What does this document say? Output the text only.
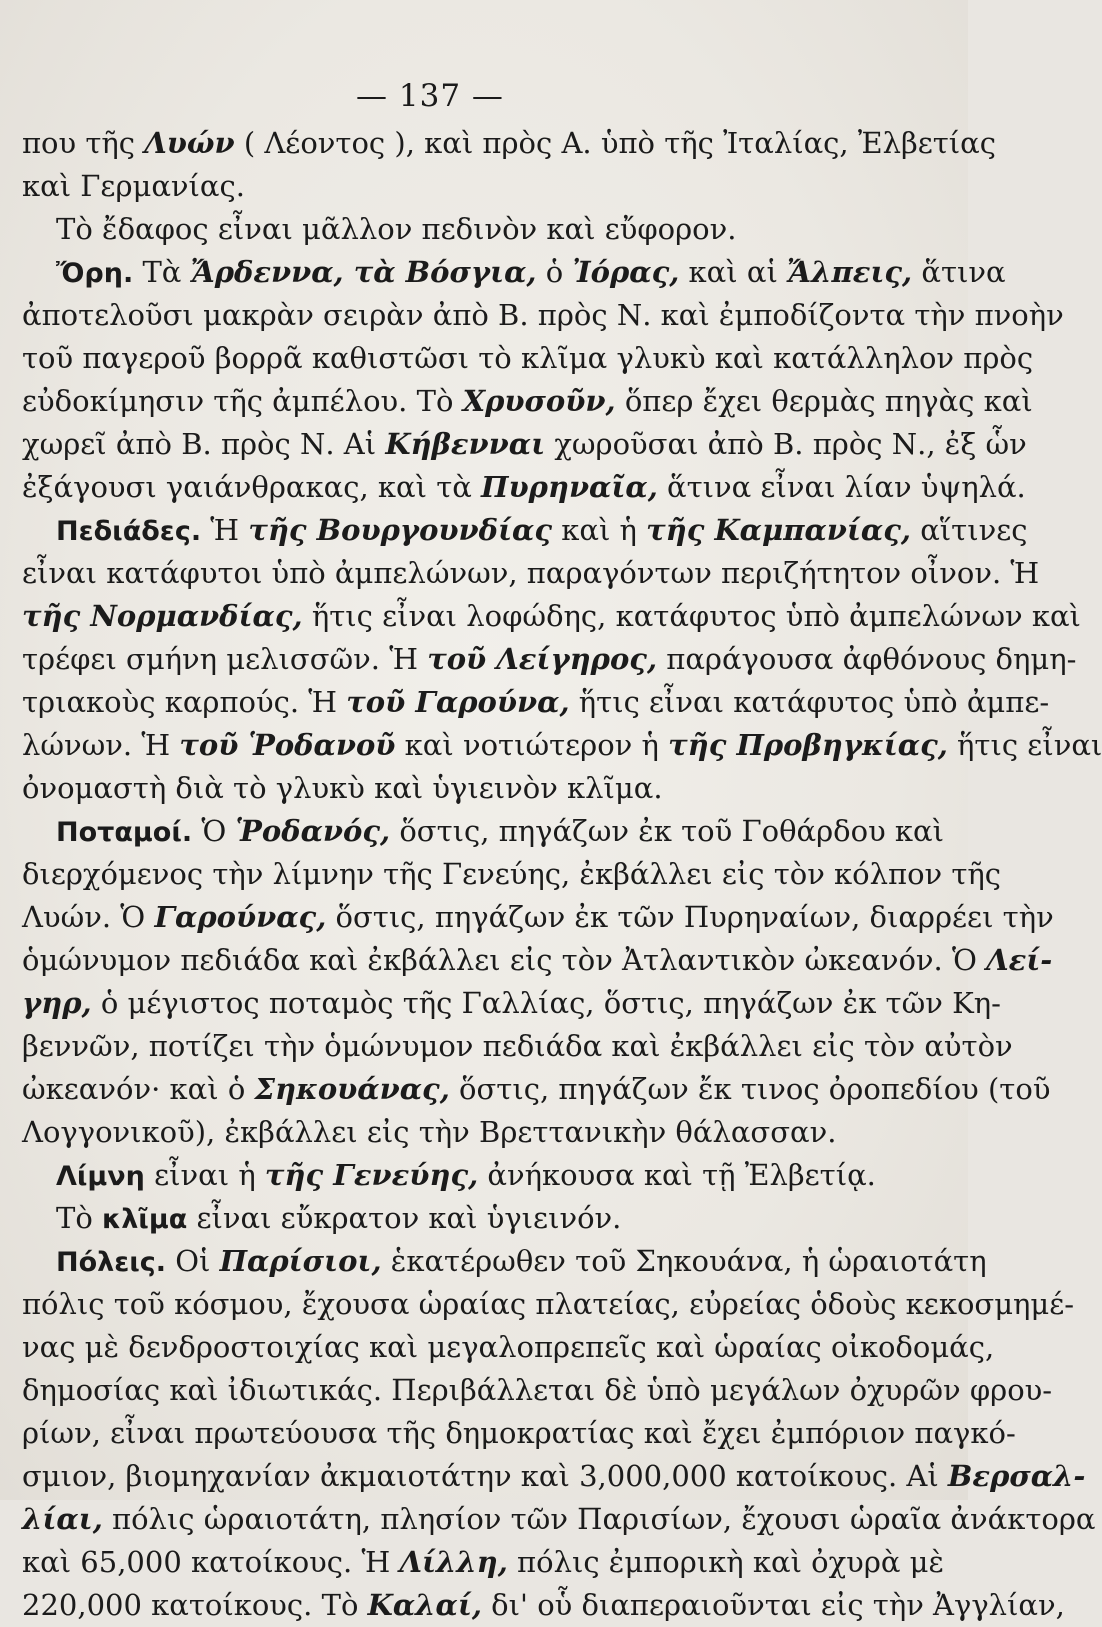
— 137 —
που τῆς Λυών ( Λέοντος ), καὶ πρὸς Α. ὑπὸ τῆς Ἰταλίας, Ἐλβετίας
καὶ Γερμανίας.
Τὸ ἔδαφος εἶναι μᾶλλον πεδινὸν καὶ εὔφορον.
Ὄρη. Τὰ Ἄρδεννα, τὰ Βόσγια, ὁ Ἰόρας, καὶ αἱ Ἄλπεις, ἅτινα
ἀποτελοῦσι μακρὰν σειρὰν ἀπὸ Β. πρὸς Ν. καὶ ἐμποδίζοντα τὴν πνοὴν
τοῦ παγεροῦ βορρᾶ καθιστῶσι τὸ κλῖμα γλυκὺ καὶ κατάλληλον πρὸς
εὐδοκίμησιν τῆς ἀμπέλου. Τὸ Χρυσοῦν, ὅπερ ἔχει θερμὰς πηγὰς καὶ
χωρεῖ ἀπὸ Β. πρὸς Ν. Αἱ Κήβενναι χωροῦσαι ἀπὸ Β. πρὸς Ν., ἐξ ὧν
ἐξάγουσι γαιάνθρακας, καὶ τὰ Πυρηναῖα, ἅτινα εἶναι λίαν ὑψηλά.
Πεδιάδες. Ἡ τῆς Βουργουνδίας καὶ ἡ τῆς Καμπανίας, αἵτινες
εἶναι κατάφυτοι ὑπὸ ἀμπελώνων, παραγόντων περιζήτητον οἶνον. Ἡ
τῆς Νορμανδίας, ἥτις εἶναι λοφώδης, κατάφυτος ὑπὸ ἀμπελώνων καὶ
τρέφει σμήνη μελισσῶν. Ἡ τοῦ Λείγηρος, παράγουσα ἀφθόνους δημη-
τριακοὺς καρπούς. Ἡ τοῦ Γαρούνα, ἥτις εἶναι κατάφυτος ὑπὸ ἀμπε-
λώνων. Ἡ τοῦ Ῥοδανοῦ καὶ νοτιώτερον ἡ τῆς Προβηγκίας, ἥτις εἶναι
ὀνομαστὴ διὰ τὸ γλυκὺ καὶ ὑγιεινὸν κλῖμα.
Ποταμοί. Ὁ Ῥοδανός, ὅστις, πηγάζων ἐκ τοῦ Γοθάρδου καὶ
διερχόμενος τὴν λίμνην τῆς Γενεύης, ἐκβάλλει εἰς τὸν κόλπον τῆς
Λυών. Ὁ Γαρούνας, ὅστις, πηγάζων ἐκ τῶν Πυρηναίων, διαρρέει τὴν
ὁμώνυμον πεδιάδα καὶ ἐκβάλλει εἰς τὸν Ἀτλαντικὸν ὠκεανόν. Ὁ Λεί-
γηρ, ὁ μέγιστος ποταμὸς τῆς Γαλλίας, ὅστις, πηγάζων ἐκ τῶν Κη-
βεννῶν, ποτίζει τὴν ὁμώνυμον πεδιάδα καὶ ἐκβάλλει εἰς τὸν αὐτὸν
ὠκεανόν· καὶ ὁ Σηκουάνας, ὅστις, πηγάζων ἔκ τινος ὀροπεδίου (τοῦ
Λογγονικοῦ), ἐκβάλλει εἰς τὴν Βρεττανικὴν θάλασσαν.
Λίμνη εἶναι ἡ τῆς Γενεύης, ἀνήκουσα καὶ τῇ Ἐλβετίᾳ.
Τὸ κλῖμα εἶναι εὔκρατον καὶ ὑγιεινόν.
Πόλεις. Οἱ Παρίσιοι, ἑκατέρωθεν τοῦ Σηκουάνα, ἡ ὡραιοτάτη
πόλις τοῦ κόσμου, ἔχουσα ὡραίας πλατείας, εὐρείας ὁδοὺς κεκοσμημέ-
νας μὲ δενδροστοιχίας καὶ μεγαλοπρεπεῖς καὶ ὡραίας οἰκοδομάς,
δημοσίας καὶ ἰδιωτικάς. Περιβάλλεται δὲ ὑπὸ μεγάλων ὀχυρῶν φρου-
ρίων, εἶναι πρωτεύουσα τῆς δημοκρατίας καὶ ἔχει ἐμπόριον παγκό-
σμιον, βιομηχανίαν ἀκμαιοτάτην καὶ 3,000,000 κατοίκους. Αἱ Βερσαλ-
λίαι, πόλις ὡραιοτάτη, πλησίον τῶν Παρισίων, ἔχουσι ὡραῖα ἀνάκτορα
καὶ 65,000 κατοίκους. Ἡ Λίλλη, πόλις ἐμπορικὴ καὶ ὀχυρὰ μὲ
220,000 κατοίκους. Τὸ Καλαί, δι' οὗ διαπεραιοῦνται εἰς τὴν Ἀγγλίαν,
